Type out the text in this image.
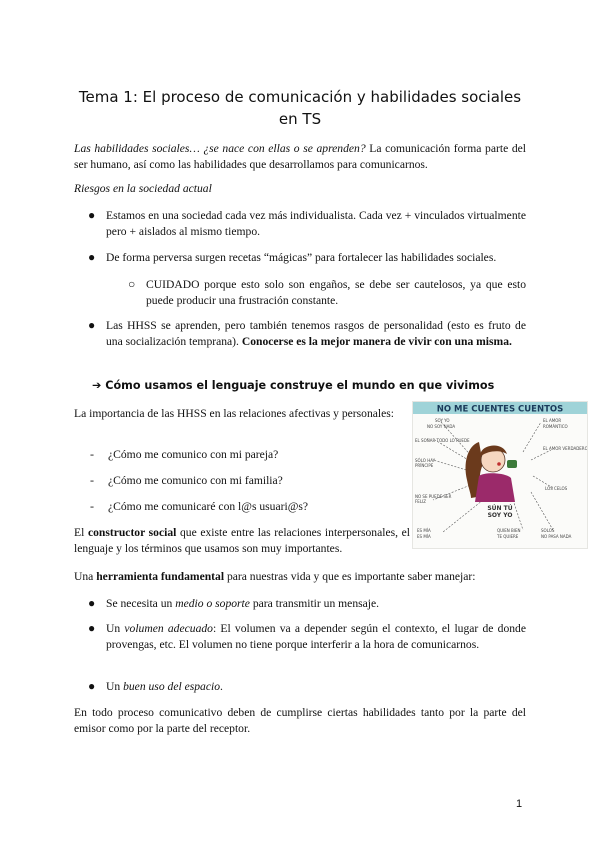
Tema 1: El proceso de comunicación y habilidades sociales en TS
Las habilidades sociales… ¿se nace con ellas o se aprenden? La comunicación forma parte del ser humano, así como las habilidades que desarrollamos para comunicarnos.
Riesgos en la sociedad actual
● Estamos en una sociedad cada vez más individualista. Cada vez + vinculados virtualmente pero + aislados al mismo tiempo.
● De forma perversa surgen recetas “mágicas” para fortalecer las habilidades sociales.
○ CUIDADO porque esto solo son engaños, se debe ser cautelosos, ya que esto puede producir una frustración constante.
● Las HHSS se aprenden, pero también tenemos rasgos de personalidad (esto es fruto de una socialización temprana). Conocerse es la mejor manera de vivir con una misma.
➔ Cómo usamos el lenguaje construye el mundo en que vivimos
La importancia de las HHSS en las relaciones afectivas y personales:
- ¿Cómo me comunico con mi pareja?
- ¿Cómo me comunico con mi familia?
- ¿Cómo me comunicaré con l@s usuari@s?
El constructor social que existe entre las relaciones interpersonales, el lenguaje y los términos que usamos son muy importantes.
NO ME CUENTES CUENTOS
SOY YO
NO SOY NADA
EL SOÑAR TODO LO PUEDE
SÓLO HAY
PRÍNCIPE
NO SE PUEDE SER
FELIZ
ES MÍA
ES MÍA
EL AMOR
ROMÁNTICO
EL AMOR VERDADERO
LOS CELOS
QUIEN BIEN
TE QUIERE
SOLOS
NO PASA NADA
SÚN TÚ
SOY YO
Una herramienta fundamental para nuestras vida y que es importante saber manejar:
● Se necesita un medio o soporte para transmitir un mensaje.
● Un volumen adecuado: El volumen va a depender según el contexto, el lugar de donde provengas, etc. El volumen no tiene porque interferir a la hora de comunicarnos.
● Un buen uso del espacio.
En todo proceso comunicativo deben de cumplirse ciertas habilidades tanto por la parte del emisor como por la parte del receptor.
1
